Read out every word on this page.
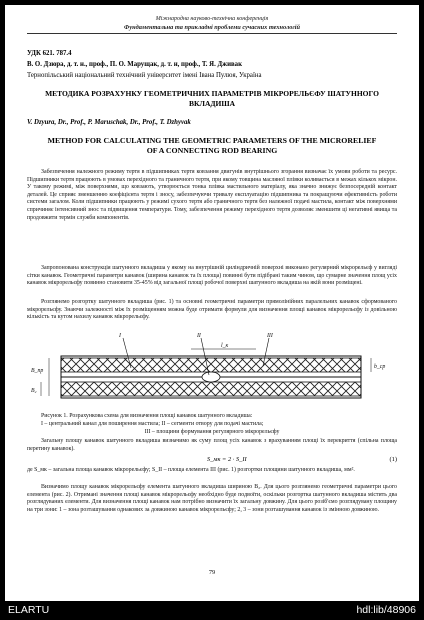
Міжнародна науково-технічна конференція
Фундаментальна та прикладні проблеми сучасних технологій
УДК 621. 787.4
В. О. Дзюра, д. т. н., проф., П. О. Марущак, д. т. н, проф., Т. Я. Дживак
Тернопільський національний технічний університет імені Івана Пулюя, Україна
МЕТОДИКА РОЗРАХУНКУ ГЕОМЕТРИЧНИХ ПАРАМЕТРІВ МІКРОРЕЛЬЄФУ ШАТУННОГО ВКЛАДИША
V. Dzyura, Dr., Prof., P. Maruschak, Dr., Prof., T. Dzhyvak
METHOD FOR CALCULATING THE GEOMETRIC PARAMETERS OF THE MICRORELIEF OF A CONNECTING ROD BEARING
Забезпечення належного режиму тертя в підшипниках тертя ковзання двигунів внутрішнього згорання визначає їх умови роботи та ресурс. Підшипники тертя працюють в умовах перехідного та граничного тертя, при якому товщина масляної плівки коливається в межах кількох мікрон. У такому режимі, між поверхнями, що ковзають, утворюється тонка плівка мастильного матеріалу, яка значно знижує безпосередній контакт деталей. Це сприяє зменшенню коефіцієнта тертя і зносу, забезпечуючи тривалу експлуатацію підшипника та покращуючи ефективність роботи системи загалом. Коли підшипники працюють у режимі сухого тертя або граничного тертя без належної подачі мастила, контакт між поверхнями спричиняє інтенсивний знос та підвищення температури. Тому, забезпечення режиму перехідного тертя дозволяє зменшити ці негативні явища та продовжити термін служби компонентів.
Запропонована конструкція шатунного вкладиша у якому на внутрішній циліндричній поверхні виконано регулярний мікрорельєф у вигляді сітки канавок. Геометричні параметри канавок (ширина канавок та їх площа) повинні бути підібрані таким чином, що сумарне значення площ усіх канавок мікрорельєфу повинно становити 35-45% від загальної площі робочої поверхні шатунного вкладиша на якій вони розміщені.
Розглянемо розгортку шатунного вкладиша (рис. 1) та основні геометричні параметри прямолінійних паралельних канавок сформованого мікрорельєфу. Знаючи залежності між їх розміщенням можна буде отримати формули для визначення площі канавок мікрорельєфу із довільною кількість та кутом нахилу канавок мікрорельєфу.
I	II	III
l_к
B_пр
B₂
b_ср
Рисунок 1. Розрахункова схема для визначення площі канавок шатунного вкладиша:
I – центральний канал для поширення мастила; II – сегменти отвору для подачі мастила;
III – площини формування регулярного мікрорельєфу
Загальну площу канавок шатунного вкладиша визначимо як суму площ усіх канавок з врахуванням площі їх перекриття (спільна площа перетину канавок).
S_мк = 2 · S_II	(1)
де S_мк – загальна площа канавок мікрорельєфу; S_II – площа елемента III (рис. 1) розгортки площини шатунного вкладиша, мм².
Визначимо площу канавок мікрорельєфу елемента шатунного вкладиша шириною B₂. Для цього розглянемо геометричні параметри цього елемента (рис. 2). Отримані значення площі канавок мікрорельєфу необхідно буде подвоїти, оскільки розгортка шатунного вкладиша містить два розглядуваних елементи. Для визначення площі канавок нам потрібно визначити їх загальну довжину. Для цього розіб'ємо розглядувану площину на три зони: 1 – зона розташування однакових за довжиною канавок мікрорельєфу; 2, 3 – зони розташування канавок із змінною довжиною.
79
ELARTU	hdl:lib/48906
